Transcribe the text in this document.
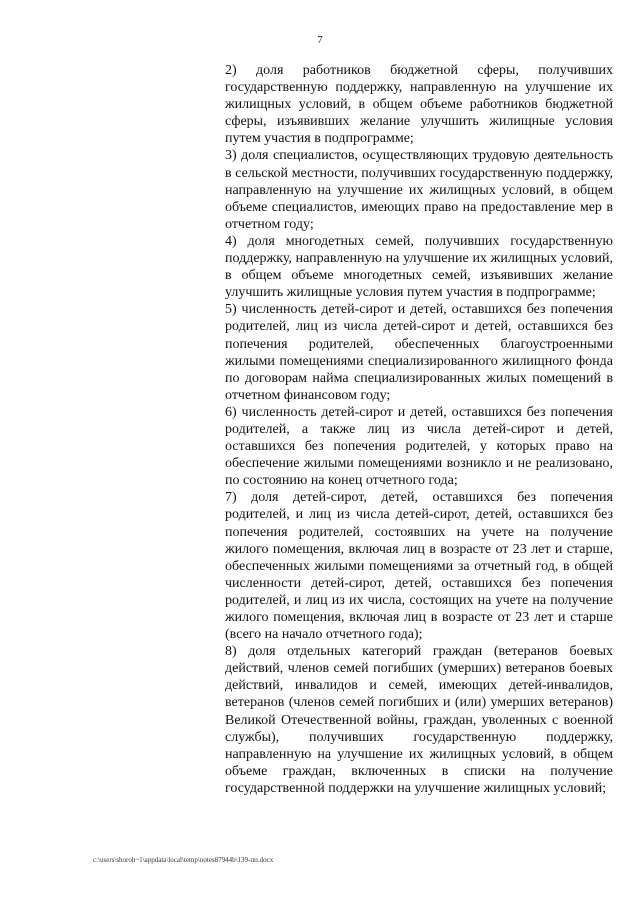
7

2) доля работников бюджетной сферы, получивших государственную поддержку, направленную на улучшение их жилищных условий, в общем объеме работников бюджетной сферы, изъявивших желание улучшить жилищные условия путем участия в подпрограмме;

3) доля специалистов, осуществляющих трудовую деятельность в сельской местности, получивших государственную поддержку, направленную на улучшение их жилищных условий, в общем объеме специалистов, имеющих право на предоставление мер в отчетном году;

4) доля многодетных семей, получивших государственную поддержку, направленную на улучшение их жилищных условий, в общем объеме многодетных семей, изъявивших желание улучшить жилищные условия путем участия в подпрограмме;

5) численность детей-сирот и детей, оставшихся без попечения родителей, лиц из числа детей-сирот и детей, оставшихся без попечения родителей, обеспеченных благоустроенными жилыми помещениями специализированного жилищного фонда по договорам найма специализированных жилых помещений в отчетном финансовом году;

6) численность детей-сирот и детей, оставшихся без попечения родителей, а также лиц из числа детей-сирот и детей, оставшихся без попечения родителей, у которых право на обеспечение жилыми помещениями возникло и не реализовано, по состоянию на конец отчетного года;

7) доля детей-сирот, детей, оставшихся без попечения родителей, и лиц из числа детей-сирот, детей, оставшихся без попечения родителей, состоявших на учете на получение жилого помещения, включая лиц в возрасте от 23 лет и старше, обеспеченных жилыми помещениями за отчетный год, в общей численности детей-сирот, детей, оставшихся без попечения родителей, и лиц из их числа, состоящих на учете на получение жилого помещения, включая лиц в возрасте от 23 лет и старше (всего на начало отчетного года);

8) доля отдельных категорий граждан (ветеранов боевых действий, членов семей погибших (умерших) ветеранов боевых действий, инвалидов и семей, имеющих детей-инвалидов, ветеранов (членов семей погибших и (или) умерших ветеранов) Великой Отечественной войны, граждан, уволенных с военной службы), получивших государственную поддержку, направленную на улучшение их жилищных условий, в общем объеме граждан, включенных в списки на получение государственной поддержки на улучшение жилищных условий;

c:\users\shoroh~1\appdata\local\temp\notes87944b\139-пп.docx
